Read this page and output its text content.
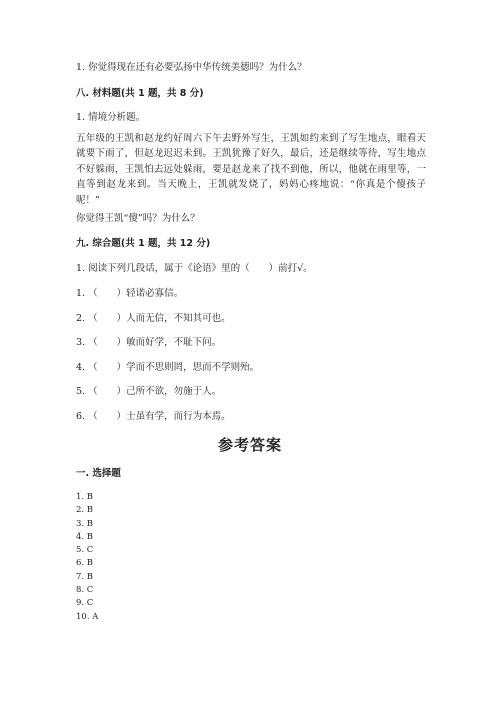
1. 你觉得现在还有必要弘扬中华传统美德吗？为什么？
八. 材料题(共 1 题，共 8 分)
1. 情境分析题。
五年级的王凯和赵龙约好周六下午去野外写生，王凯如约来到了写生地点，眼看天就要下雨了，但赵龙迟迟未到。王凯犹豫了好久，最后，还是继续等待，写生地点不好躲雨，王凯怕去远处躲雨，要是赵龙来了找不到他，所以，他就在雨里等，一直等到赵龙来到。当天晚上，王凯就发烧了，妈妈心疼地说：“你真是个傻孩子呢！”
你觉得王凯“傻”吗？为什么？
九. 综合题(共 1 题，共 12 分)
1. 阅读下列几段话，属于《论语》里的（　　）前打√。
1. （　　）轻诺必寡信。
2. （　　）人而无信，不知其可也。
3. （　　）敏而好学，不耻下问。
4. （　　）学而不思则罔，思而不学则殆。
5. （　　）己所不欲，勿施于人。
6. （　　）士虽有学，而行为本焉。
参考答案
一. 选择题
1. B
2. B
3. B
4. B
5. C
6. B
7. B
8. C
9. C
10. A
